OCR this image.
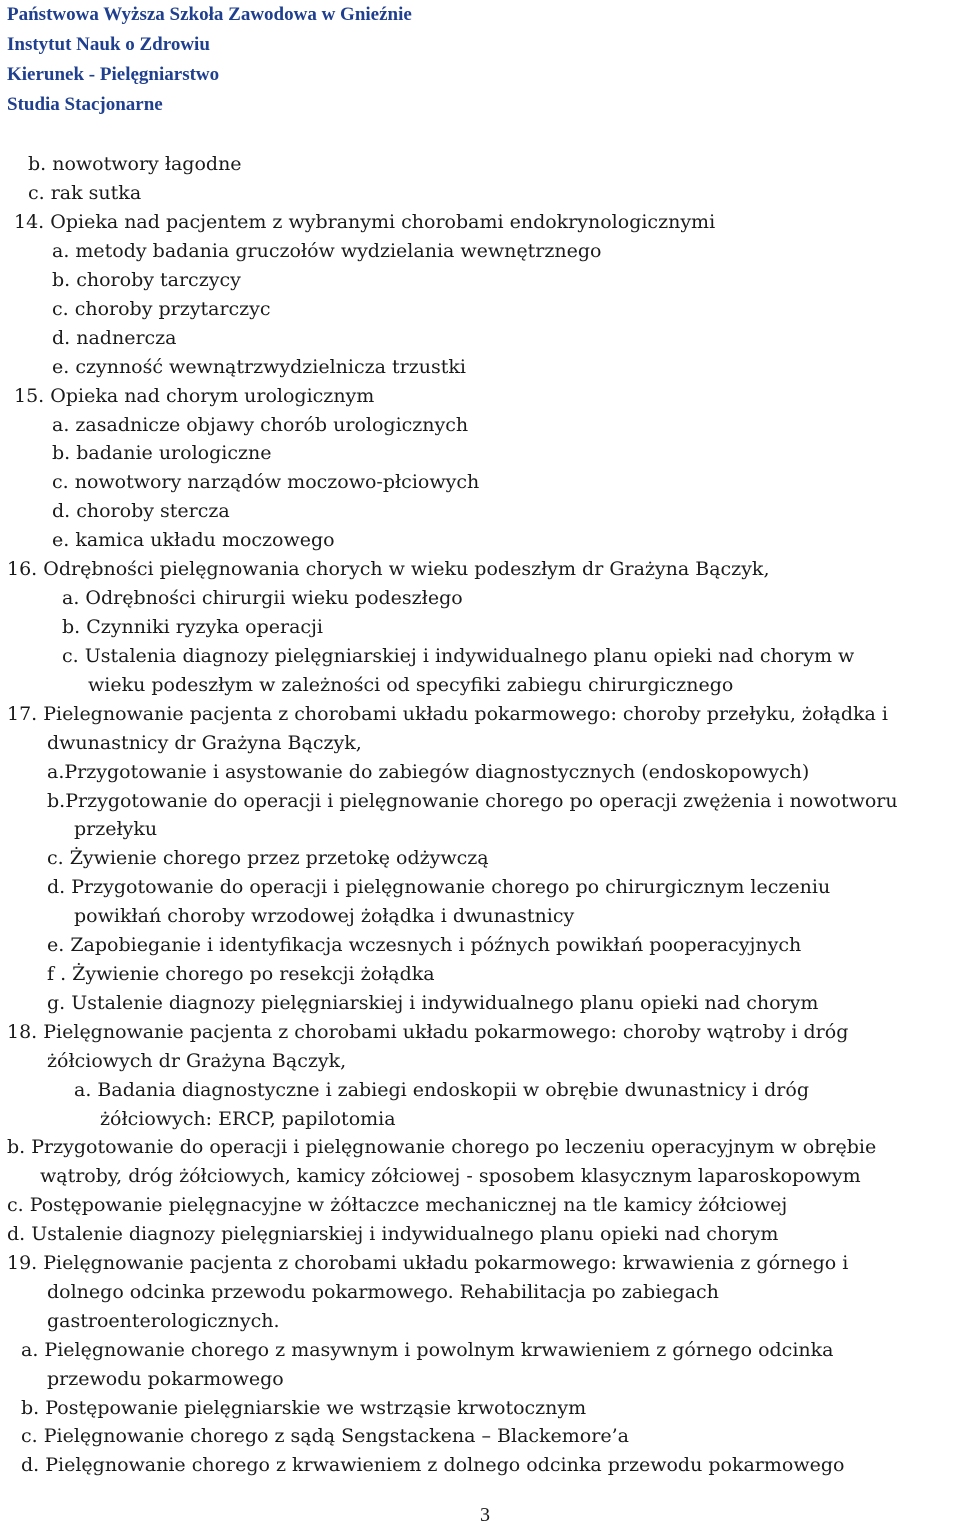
Państwowa Wyższa Szkoła Zawodowa w Gnieźnie
Instytut Nauk o Zdrowiu
Kierunek - Pielęgniarstwo
Studia Stacjonarne
b. nowotwory łagodne
c. rak sutka
14. Opieka nad pacjentem z wybranymi chorobami endokrynologicznymi
a. metody badania gruczołów wydzielania wewnętrznego
b. choroby tarczycy
c. choroby przytarczyc
d. nadnercza
e. czynność wewnątrzwydzielnicza trzustki
15. Opieka nad chorym urologicznym
a. zasadnicze objawy chorób urologicznych
b. badanie urologiczne
c. nowotwory narządów moczowo-płciowych
d. choroby stercza
e. kamica układu moczowego
16. Odrębności pielęgnowania chorych w wieku podeszłym dr Grażyna Bączyk,
a. Odrębności chirurgii wieku podeszłego
b. Czynniki ryzyka operacji
c. Ustalenia diagnozy pielęgniarskiej i indywidualnego planu opieki nad chorym w
wieku podeszłym w zależności od specyfiki zabiegu chirurgicznego
17. Pielegnowanie pacjenta z chorobami układu pokarmowego: choroby przełyku, żołądka i
dwunastnicy dr Grażyna Bączyk,
a.Przygotowanie i asystowanie do zabiegów diagnostycznych (endoskopowych)
b.Przygotowanie do operacji i pielęgnowanie chorego po operacji zwężenia i nowotworu
przełyku
c. Żywienie chorego przez przetokę odżywczą
d. Przygotowanie do operacji i pielęgnowanie chorego po chirurgicznym leczeniu
powikłań choroby wrzodowej żołądka i dwunastnicy
e. Zapobieganie i identyfikacja wczesnych i późnych powikłań pooperacyjnych
f . Żywienie chorego po resekcji żołądka
g. Ustalenie diagnozy pielęgniarskiej i indywidualnego planu opieki nad chorym
18. Pielęgnowanie pacjenta z chorobami układu pokarmowego: choroby wątroby i dróg
żółciowych dr Grażyna Bączyk,
a. Badania diagnostyczne i zabiegi endoskopii w obrębie dwunastnicy i dróg
żółciowych: ERCP, papilotomia
b. Przygotowanie do operacji i pielęgnowanie chorego po leczeniu operacyjnym w obrębie
wątroby, dróg żółciowych, kamicy zółciowej - sposobem klasycznym laparoskopowym
c. Postępowanie pielęgnacyjne w żółtaczce mechanicznej na tle kamicy żółciowej
d. Ustalenie diagnozy pielęgniarskiej i indywidualnego planu opieki nad chorym
19. Pielęgnowanie pacjenta z chorobami układu pokarmowego: krwawienia z górnego i
dolnego odcinka przewodu pokarmowego. Rehabilitacja po zabiegach
gastroenterologicznych.
a. Pielęgnowanie chorego z masywnym i powolnym krwawieniem z górnego odcinka
przewodu pokarmowego
b. Postępowanie pielęgniarskie we wstrząsie krwotocznym
c. Pielęgnowanie chorego z sądą Sengstackena – Blackemore’a
d. Pielęgnowanie chorego z krwawieniem z dolnego odcinka przewodu pokarmowego
3
